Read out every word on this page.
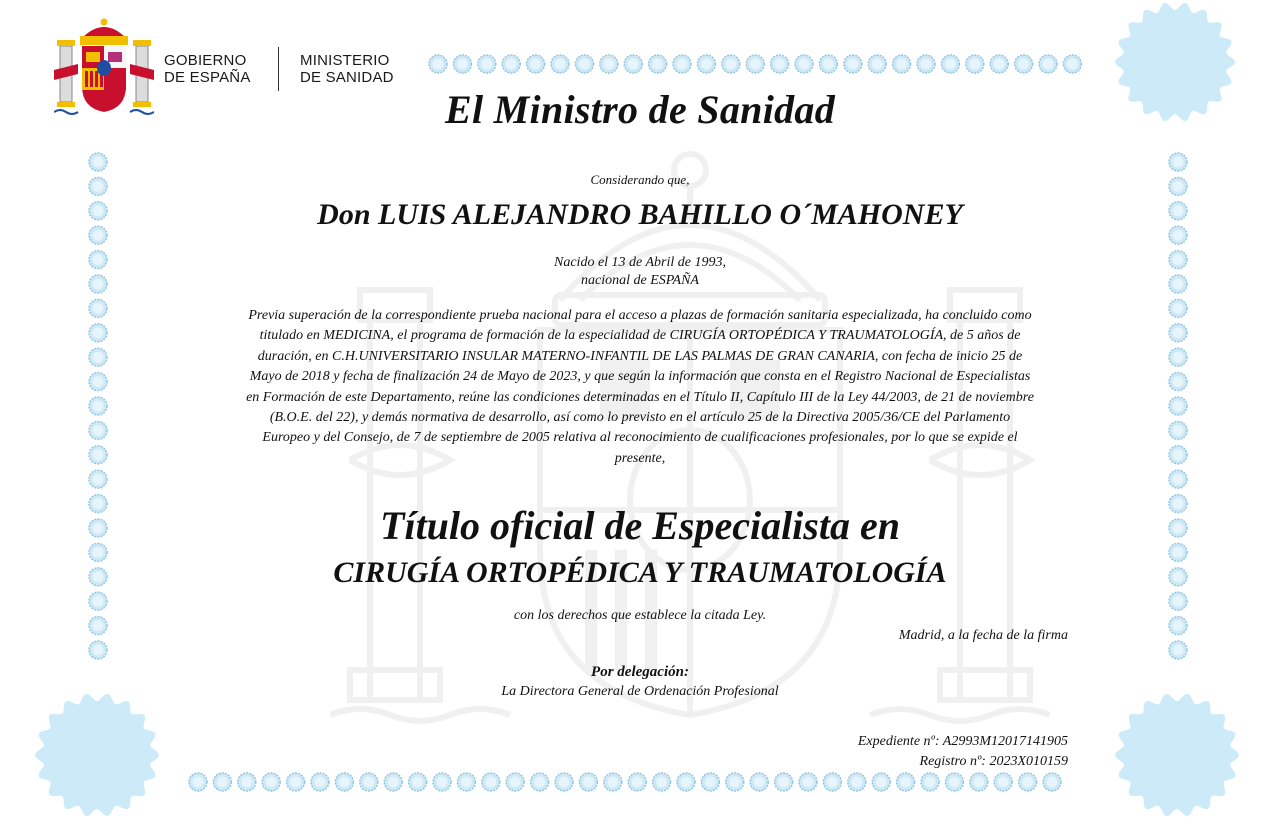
GOBIERNO
DE ESPAÑA
MINISTERIO
DE SANIDAD
El Ministro de Sanidad
Considerando que,
Don LUIS ALEJANDRO BAHILLO O´MAHONEY
Nacido el 13 de Abril de 1993,
nacional de ESPAÑA
Previa superación de la correspondiente prueba nacional para el acceso a plazas de formación sanitaria especializada, ha concluido como titulado en MEDICINA, el programa de formación de la especialidad de CIRUGÍA ORTOPÉDICA Y TRAUMATOLOGÍA, de 5 años de duración, en C.H.UNIVERSITARIO INSULAR MATERNO-INFANTIL DE LAS PALMAS DE GRAN CANARIA, con fecha de inicio 25 de Mayo de 2018 y fecha de finalización 24 de Mayo de 2023, y que según la información que consta en el Registro Nacional de Especialistas en Formación de este Departamento, reúne las condiciones determinadas en el Título II, Capítulo III de la Ley 44/2003, de 21 de noviembre (B.O.E. del 22), y demás normativa de desarrollo, así como lo previsto en el artículo 25 de la Directiva 2005/36/CE del Parlamento Europeo y del Consejo, de 7 de septiembre de 2005 relativa al reconocimiento de cualificaciones profesionales, por lo que se expide el presente,
Título oficial de Especialista en
CIRUGÍA ORTOPÉDICA Y TRAUMATOLOGÍA
con los derechos que establece la citada Ley.
Madrid, a la fecha de la firma
Por delegación:
La Directora General de Ordenación Profesional
Expediente nº: A2993M12017141905
Registro nº: 2023X010159
